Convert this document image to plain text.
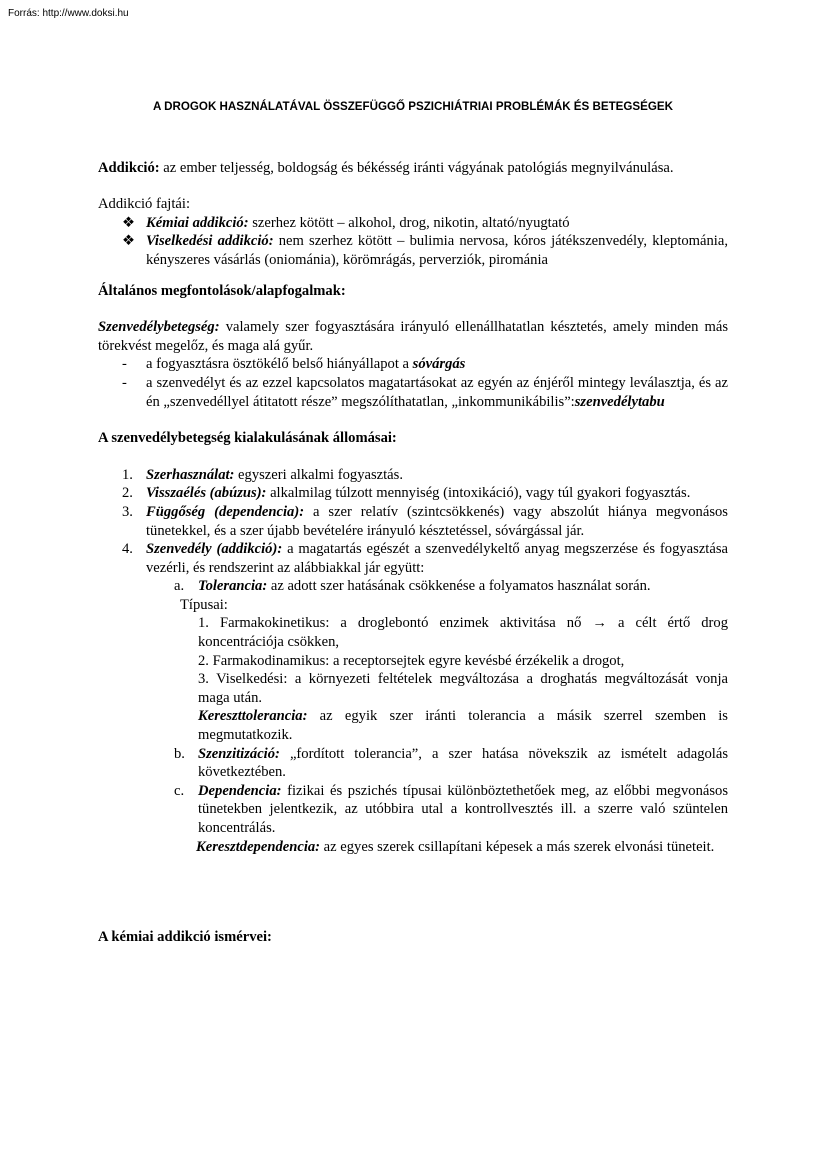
Forrás: http://www.doksi.hu
A DROGOK HASZNÁLATÁVAL ÖSSZEFÜGGŐ PSZICHIÁTRIAI PROBLÉMÁK ÉS BETEGSÉGEK

Addikció: az ember teljesség, boldogság és békésség iránti vágyának patológiás megnyilvánulása.

Addikció fajtái:

❖ Kémiai addikció: szerhez kötött – alkohol, drog, nikotin, altató/nyugtató
❖ Viselkedési addikció: nem szerhez kötött – bulimia nervosa, kóros játékszenvedély, kleptománia, kényszeres vásárlás (oniománia), körömrágás, perverziók, pirománia

Általános megfontolások/alapfogalmak:

Szenvedélybetegség: valamely szer fogyasztására irányuló ellenállhatatlan késztetés, amely minden más törekvést megelőz, és maga alá gyűr.

- a fogyasztásra ösztökélő belső hiányállapot a sóvárgás
- a szenvedélyt és az ezzel kapcsolatos magatartásokat az egyén az énjéről mintegy leválasztja, és az én „szenvedéllyel átitatott része” megszólíthatatlan, „inkommunikábilis”:szenvedélytabu

A szenvedélybetegség kialakulásának állomásai:

1. Szerhasználat: egyszeri alkalmi fogyasztás.
2. Visszaélés (abúzus): alkalmilag túlzott mennyiség (intoxikáció), vagy túl gyakori fogyasztás.
3. Függőség (dependencia): a szer relatív (szintcsökkenés) vagy abszolút hiánya megvonásos tünetekkel, és a szer újabb bevételére irányuló késztetéssel, sóvárgással jár.
4. Szenvedély (addikció): a magatartás egészét a szenvedélykeltő anyag megszerzése és fogyasztása vezérli, és rendszerint az alábbiakkal jár együtt:
a. Tolerancia: az adott szer hatásának csökkenése a folyamatos használat során.
Típusai:
1. Farmakokinetikus: a droglebontó enzimek aktivitása nő → a célt értő drog koncentrációja csökken,
2. Farmakodinamikus: a receptorsejtek egyre kevésbé érzékelik a drogot,
3. Viselkedési: a környezeti feltételek megváltozása a droghatás megváltozását vonja maga után.
Kereszttolerancia: az egyik szer iránti tolerancia a másik szerrel szemben is megmutatkozik.
b. Szenzitizáció: „fordított tolerancia”, a szer hatása növekszik az ismételt adagolás következtében.
c. Dependencia: fizikai és pszichés típusai különböztethetőek meg, az előbbi megvonásos tünetekben jelentkezik, az utóbbira utal a kontrollvesztés ill. a szerre való szüntelen koncentrálás.
Keresztdependencia: az egyes szerek csillapítani képesek a más szerek elvonási tüneteit.

A kémiai addikció ismérvei:
